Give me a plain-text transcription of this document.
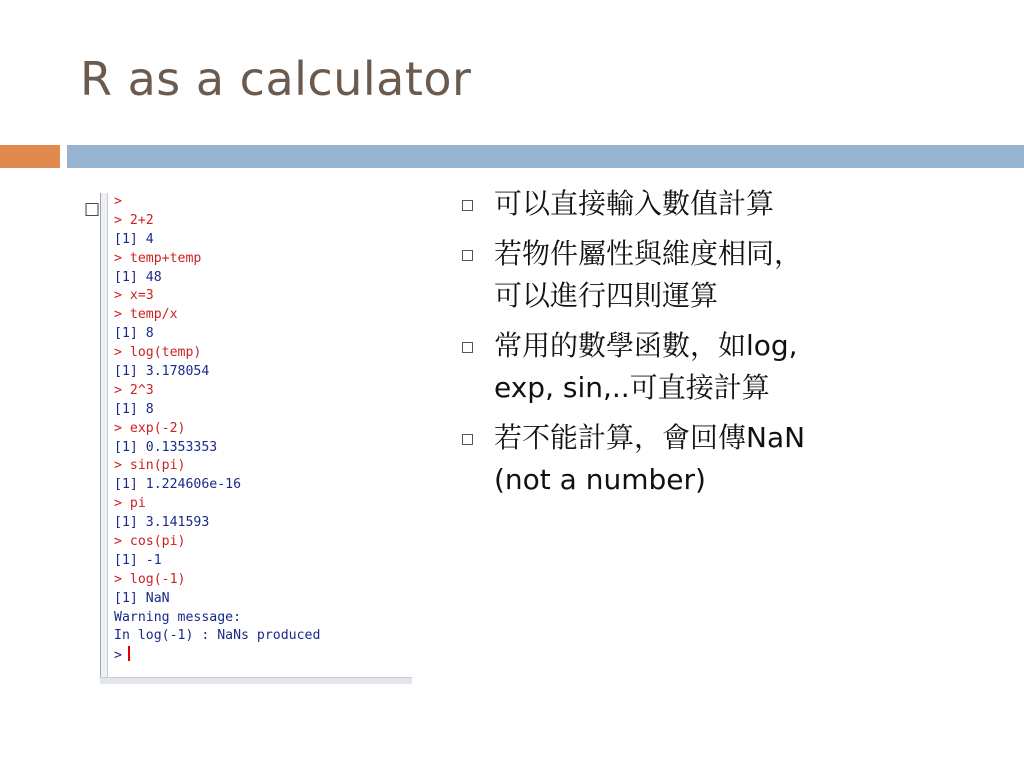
R as a calculator
□ >
> 2+2
[1] 4
> temp+temp
[1] 48
> x=3
> temp/x
[1] 8
> log(temp)
[1] 3.178054
> 2^3
[1] 8
> exp(-2)
[1] 0.1353353
> sin(pi)
[1] 1.224606e-16
> pi
[1] 3.141593
> cos(pi)
[1] -1
> log(-1)
[1] NaN
Warning message:
In log(-1) : NaNs produced
>
可以直接輸入數值計算
若物件屬性與維度相同，
可以進行四則運算
常用的數學函數，如log,
exp, sin,..可直接計算
若不能計算，會回傳NaN
(not a number)
